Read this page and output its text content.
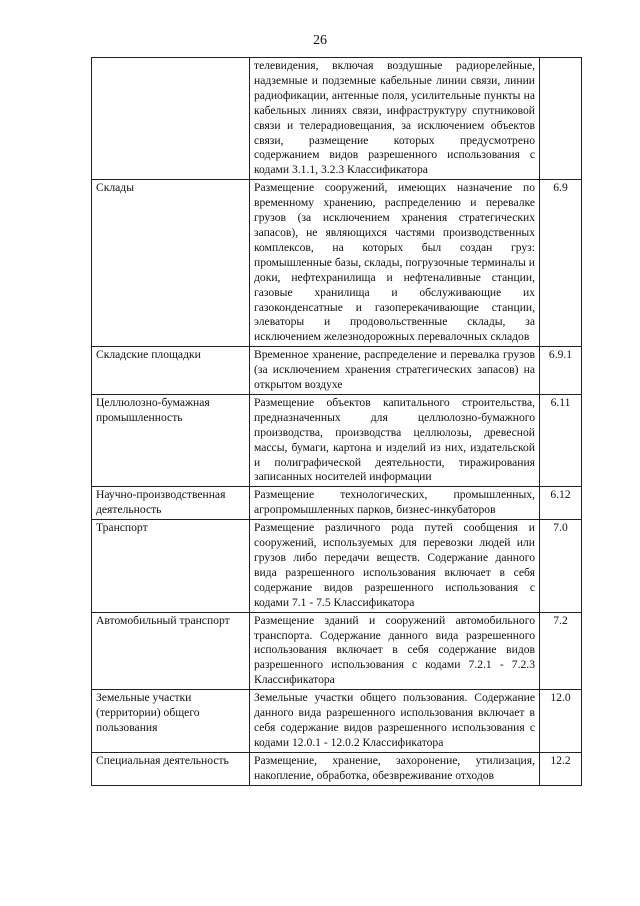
26
	телевидения, включая воздушные радиорелейные, надземные и подземные кабельные линии связи, линии радиофикации, антенные поля, усилительные пункты на кабельных линиях связи, инфраструктуру спутниковой связи и телерадиовещания, за исключением объектов связи, размещение которых предусмотрено содержанием видов разрешенного использования с кодами 3.1.1, 3.2.3 Классификатора	
Склады	Размещение сооружений, имеющих назначение по временному хранению, распределению и перевалке грузов (за исключением хранения стратегических запасов), не являющихся частями производственных комплексов, на которых был создан груз: промышленные базы, склады, погрузочные терминалы и доки, нефтехранилища и нефтеналивные станции, газовые хранилища и обслуживающие их газоконденсатные и газоперекачивающие станции, элеваторы и продовольственные склады, за исключением железнодорожных перевалочных складов	6.9
Складские площадки	Временное хранение, распределение и перевалка грузов (за исключением хранения стратегических запасов) на открытом воздухе	6.9.1
Целлюлозно-бумажная промышленность	Размещение объектов капитального строительства, предназначенных для целлюлозно-бумажного производства, производства целлюлозы, древесной массы, бумаги, картона и изделий из них, издательской и полиграфической деятельности, тиражирования записанных носителей информации	6.11
Научно-производственная деятельность	Размещение технологических, промышленных, агропромышленных парков, бизнес-инкубаторов	6.12
Транспорт	Размещение различного рода путей сообщения и сооружений, используемых для перевозки людей или грузов либо передачи веществ. Содержание данного вида разрешенного использования включает в себя содержание видов разрешенного использования с кодами 7.1 - 7.5 Классификатора	7.0
Автомобильный транспорт	Размещение зданий и сооружений автомобильного транспорта. Содержание данного вида разрешенного использования включает в себя содержание видов разрешенного использования с кодами 7.2.1 - 7.2.3 Классификатора	7.2
Земельные участки (территории) общего пользования	Земельные участки общего пользования. Содержание данного вида разрешенного использования включает в себя содержание видов разрешенного использования с кодами 12.0.1 - 12.0.2 Классификатора	12.0
Специальная деятельность	Размещение, хранение, захоронение, утилизация, накопление, обработка, обезвреживание отходов	12.2
